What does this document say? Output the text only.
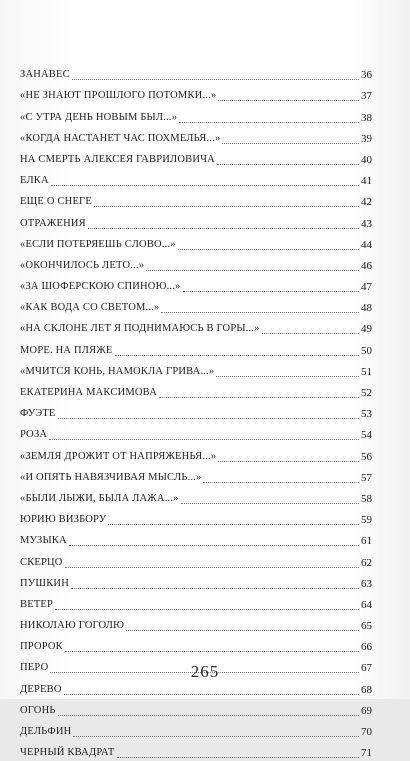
ЗАНАВЕС	36
«НЕ ЗНАЮТ ПРОШЛОГО ПОТОМКИ...»	37
«С УТРА ДЕНЬ НОВЫМ БЫЛ...»	38
«КОГДА НАСТАНЕТ ЧАС ПОХМЕЛЬЯ...»	39
НА СМЕРТЬ АЛЕКСЕЯ ГАВРИЛОВИЧА	40
ЕЛКА	41
ЕЩЕ О СНЕГЕ	42
ОТРАЖЕНИЯ	43
«ЕСЛИ ПОТЕРЯЕШЬ СЛОВО...»	44
«ОКОНЧИЛОСЬ ЛЕТО...»	46
«ЗА ШОФЕРСКОЮ СПИНОЮ...»	47
«КАК ВОДА СО СВЕТОМ...»	48
«НА СКЛОНЕ ЛЕТ Я ПОДНИМАЮСЬ В ГОРЫ...»	49
МОРЕ. НА ПЛЯЖЕ	50
«МЧИТСЯ КОНЬ, НАМОКЛА ГРИВА...»	51
ЕКАТЕРИНА МАКСИМОВА	52
ФУЭТЕ	53
РОЗА	54
«ЗЕМЛЯ ДРОЖИТ ОТ НАПРЯЖЕНЬЯ...»	56
«И ОПЯТЬ НАВЯЗЧИВАЯ МЫСЛЬ...»	57
«БЫЛИ ЛЫЖИ, БЫЛА ЛАЖА...»	58
ЮРИЮ ВИЗБОРУ	59
МУЗЫКА	61
СКЕРЦО	62
ПУШКИН	63
ВЕТЕР	64
НИКОЛАЮ ГОГОЛЮ	65
ПРОРОК	66
ПЕРО	67
ДЕРЕВО	68
ОГОНЬ	69
ДЕЛЬФИН	70
ЧЕРНЫЙ КВАДРАТ	71
265
